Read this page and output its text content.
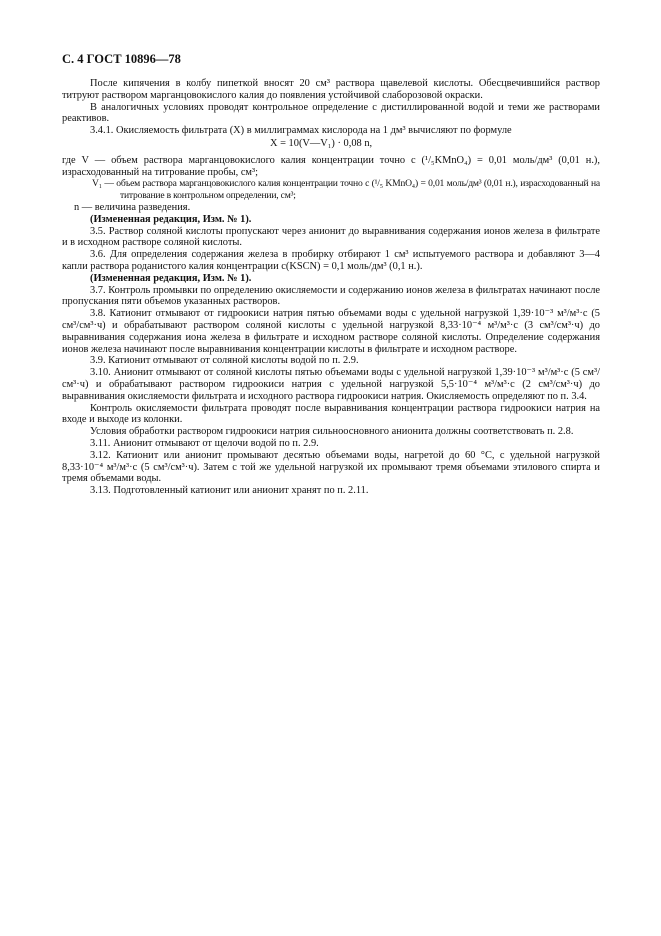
С. 4 ГОСТ 10896—78

После кипячения в колбу пипеткой вносят 20 см³ раствора щавелевой кислоты. Обесцвечившийся раствор титруют раствором марганцовокислого калия до появления устойчивой слаборозовой окраски.

В аналогичных условиях проводят контрольное определение с дистиллированной водой и теми же растворами реактивов.

3.4.1. Окисляемость фильтрата (X) в миллиграммах кислорода на 1 дм³ вычисляют по формуле

X = 10(V—V₁) · 0,08 n,

где V — объем раствора марганцовокислого калия концентрации точно c (¹/₅KMnO₄) = 0,01 моль/дм³ (0,01 н.), израсходованный на титрование пробы, см³;

V₁ — объем раствора марганцовокислого калия концентрации точно c (¹/₅ KMnO₄) = 0,01 моль/дм³ (0,01 н.), израсходованный на титрование в контрольном определении, см³;

n — величина разведения.

(Измененная редакция, Изм. № 1).

3.5. Раствор соляной кислоты пропускают через анионит до выравнивания содержания ионов железа в фильтрате и в исходном растворе соляной кислоты.

3.6. Для определения содержания железа в пробирку отбирают 1 см³ испытуемого раствора и добавляют 3—4 капли раствора роданистого калия концентрации c(KSCN) = 0,1 моль/дм³ (0,1 н.).

(Измененная редакция, Изм. № 1).

3.7. Контроль промывки по определению окисляемости и содержанию ионов железа в фильтратах начинают после пропускания пяти объемов указанных растворов.

3.8. Катионит отмывают от гидроокиси натрия пятью объемами воды с удельной нагрузкой 1,39·10⁻³ м³/м³·с (5 см³/см³·ч) и обрабатывают раствором соляной кислоты с удельной нагрузкой 8,33·10⁻⁴ м³/м³·с (3 см³/см³·ч) до выравнивания содержания иона железа в фильтрате и исходном растворе соляной кислоты. Определение содержания ионов железа начинают после выравнивания концентрации кислоты в фильтрате и исходном растворе.

3.9. Катионит отмывают от соляной кислоты водой по п. 2.9.

3.10. Анионит отмывают от соляной кислоты пятью объемами воды с удельной нагрузкой 1,39·10⁻³ м³/м³·с (5 см³/см³·ч) и обрабатывают раствором гидроокиси натрия с удельной нагрузкой 5,5·10⁻⁴ м³/м³·с (2 см³/см³·ч) до выравнивания окисляемости фильтрата и исходного раствора гидроокиси натрия. Окисляемость определяют по п. 3.4.

Контроль окисляемости фильтрата проводят после выравнивания концентрации раствора гидроокиси натрия на входе и выходе из колонки.

Условия обработки раствором гидроокиси натрия сильноосновного анионита должны соответствовать п. 2.8.

3.11. Анионит отмывают от щелочи водой по п. 2.9.

3.12. Катионит или анионит промывают десятью объемами воды, нагретой до 60 °С, с удельной нагрузкой 8,33·10⁻⁴ м³/м³·с (5 см³/см³·ч). Затем с той же удельной нагрузкой их промывают тремя объемами этилового спирта и тремя объемами воды.

3.13. Подготовленный катионит или анионит хранят по п. 2.11.
